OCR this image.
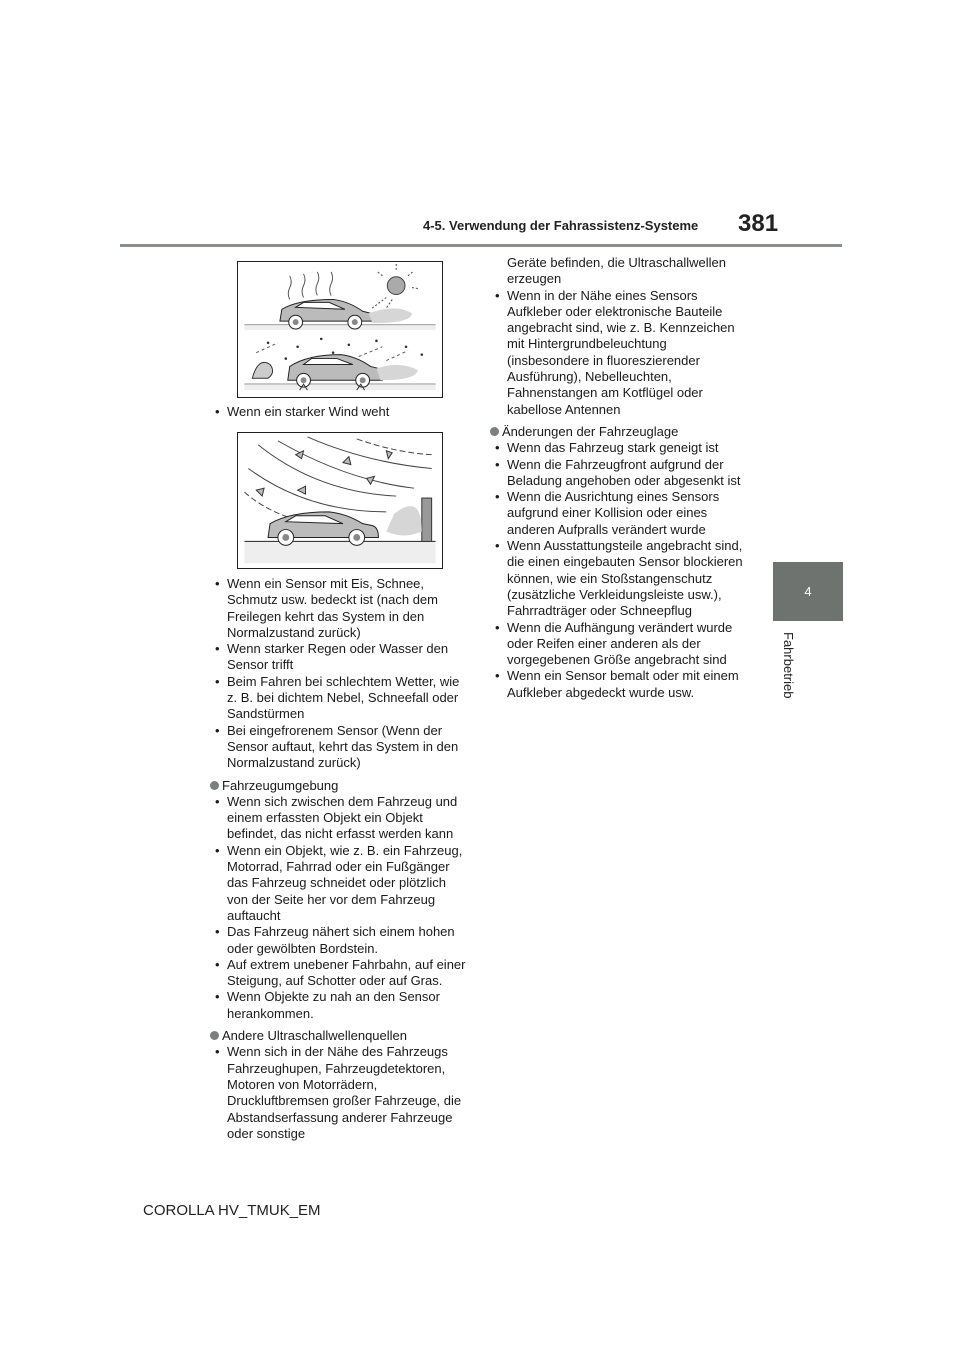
4-5. Verwendung der Fahrassistenz-Systeme 381
4
Fahrbetrieb
• Wenn ein starker Wind weht
• Wenn ein Sensor mit Eis, Schnee, Schmutz usw. bedeckt ist (nach dem Freilegen kehrt das System in den Normalzustand zurück)
• Wenn starker Regen oder Wasser den Sensor trifft
• Beim Fahren bei schlechtem Wetter, wie z. B. bei dichtem Nebel, Schneefall oder Sandstürmen
• Bei eingefrorenem Sensor (Wenn der Sensor auftaut, kehrt das System in den Normalzustand zurück)
Fahrzeugumgebung
• Wenn sich zwischen dem Fahrzeug und einem erfassten Objekt ein Objekt befindet, das nicht erfasst werden kann
• Wenn ein Objekt, wie z. B. ein Fahrzeug, Motorrad, Fahrrad oder ein Fußgänger das Fahrzeug schneidet oder plötzlich von der Seite her vor dem Fahrzeug auftaucht
• Das Fahrzeug nähert sich einem hohen oder gewölbten Bordstein.
• Auf extrem unebener Fahrbahn, auf einer Steigung, auf Schotter oder auf Gras.
• Wenn Objekte zu nah an den Sensor herankommen.
Andere Ultraschallwellenquellen
• Wenn sich in der Nähe des Fahrzeugs Fahrzeughupen, Fahrzeugdetektoren, Motoren von Motorrädern, Druckluftbremsen großer Fahrzeuge, die Abstandserfassung anderer Fahrzeuge oder sonstige
Geräte befinden, die Ultraschallwellen erzeugen
• Wenn in der Nähe eines Sensors Aufkleber oder elektronische Bauteile angebracht sind, wie z. B. Kennzeichen mit Hintergrundbeleuchtung (insbesondere in fluoreszierender Ausführung), Nebelleuchten, Fahnenstangen am Kotflügel oder kabellose Antennen
Änderungen der Fahrzeuglage
• Wenn das Fahrzeug stark geneigt ist
• Wenn die Fahrzeugfront aufgrund der Beladung angehoben oder abgesenkt ist
• Wenn die Ausrichtung eines Sensors aufgrund einer Kollision oder eines anderen Aufpralls verändert wurde
• Wenn Ausstattungsteile angebracht sind, die einen eingebauten Sensor blockieren können, wie ein Stoßstangenschutz (zusätzliche Verkleidungsleiste usw.), Fahrradträger oder Schneepflug
• Wenn die Aufhängung verändert wurde oder Reifen einer anderen als der vorgegebenen Größe angebracht sind
• Wenn ein Sensor bemalt oder mit einem Aufkleber abgedeckt wurde usw.
COROLLA HV_TMUK_EM
